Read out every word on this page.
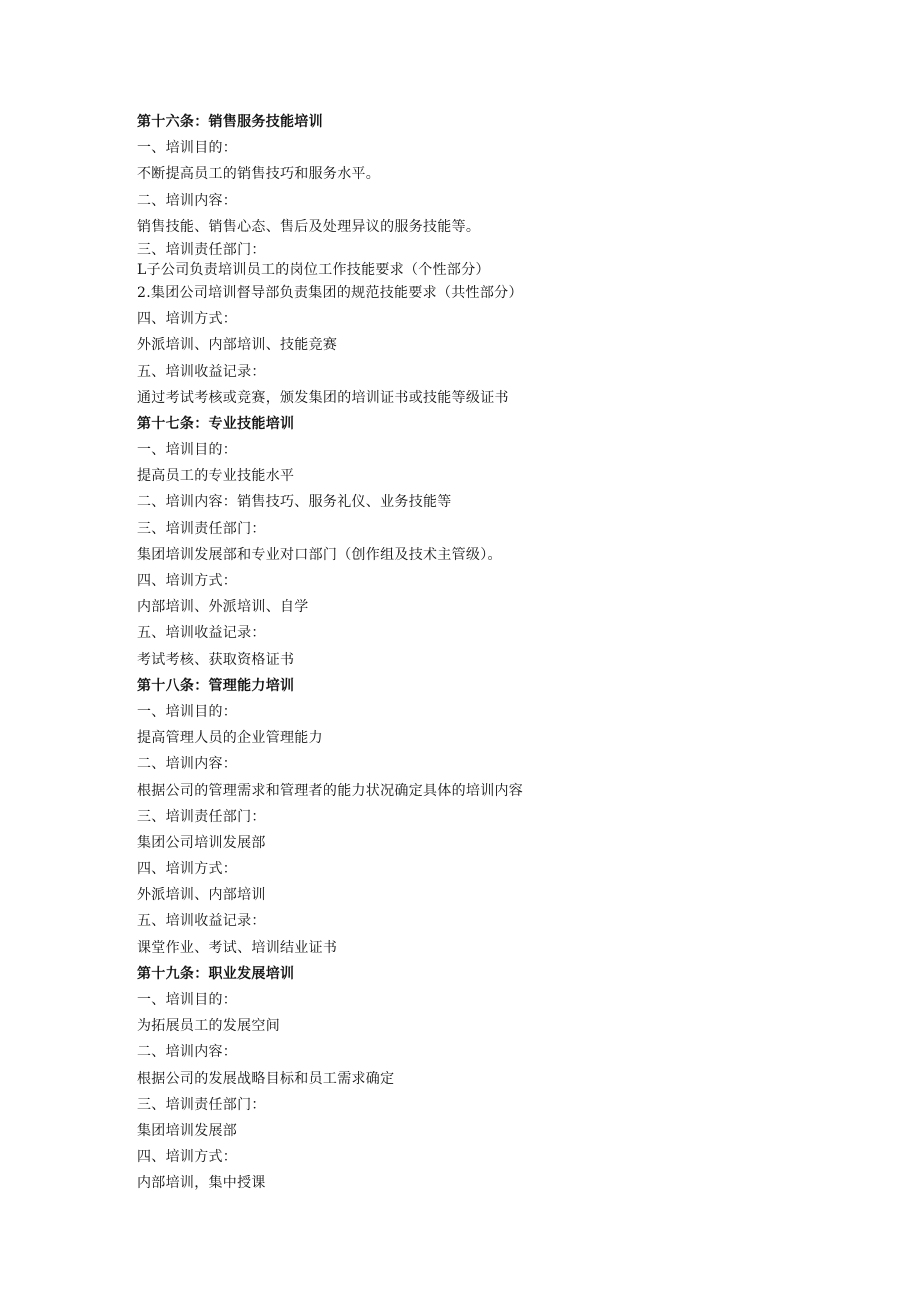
第十六条：销售服务技能培训
一、培训目的：
不断提高员工的销售技巧和服务水平。
二、培训内容：
销售技能、销售心态、售后及处理异议的服务技能等。
三、培训责任部门：
L子公司负责培训员工的岗位工作技能要求（个性部分）
2.集团公司培训督导部负责集团的规范技能要求（共性部分）
四、培训方式：
外派培训、内部培训、技能竞赛
五、培训收益记录：
通过考试考核或竞赛，颁发集团的培训证书或技能等级证书
第十七条：专业技能培训
一、培训目的：
提高员工的专业技能水平
二、培训内容：销售技巧、服务礼仪、业务技能等
三、培训责任部门：
集团培训发展部和专业对口部门（创作组及技术主管级）。
四、培训方式：
内部培训、外派培训、自学
五、培训收益记录：
考试考核、获取资格证书
第十八条：管理能力培训
一、培训目的：
提高管理人员的企业管理能力
二、培训内容：
根据公司的管理需求和管理者的能力状况确定具体的培训内容
三、培训责任部门：
集团公司培训发展部
四、培训方式：
外派培训、内部培训
五、培训收益记录：
课堂作业、考试、培训结业证书
第十九条：职业发展培训
一、培训目的：
为拓展员工的发展空间
二、培训内容：
根据公司的发展战略目标和员工需求确定
三、培训责任部门：
集团培训发展部
四、培训方式：
内部培训，集中授课
